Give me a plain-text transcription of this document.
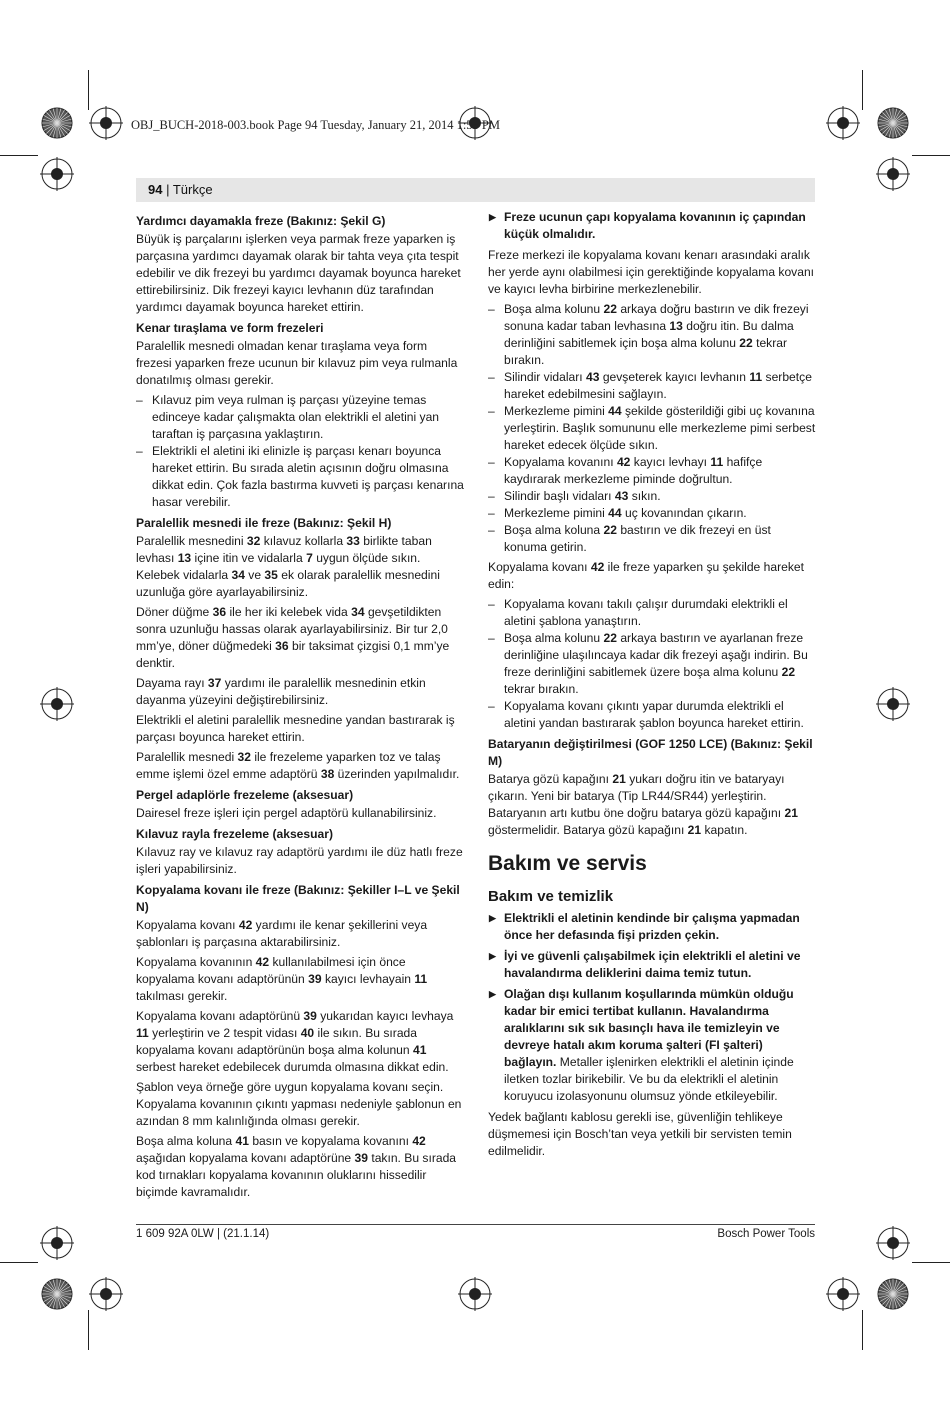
OBJ_BUCH-2018-003.book Page 94 Tuesday, January 21, 2014 1:55 PM
94 | Türkçe
Yardımcı dayamakla freze (Bakınız: Şekil G)

Büyük iş parçalarını işlerken veya parmak freze yaparken iş parçasına yardımcı dayamak olarak bir tahta veya çıta tespit edebilir ve dik frezeyi bu yardımcı dayamak boyunca hareket ettirebilirsiniz. Dik frezeyi kayıcı levhanın düz tarafından yardımcı dayamak boyunca hareket ettirin.

Kenar tıraşlama ve form frezeleri

Paralellik mesnedi olmadan kenar tıraşlama veya form frezesi yaparken freze ucunun bir kılavuz pim veya rulmanla donatılmış olması gerekir.

– Kılavuz pim veya rulman iş parçası yüzeyine temas edinceye kadar çalışmakta olan elektrikli el aletini yan taraftan iş parçasına yaklaştırın.
– Elektrikli el aletini iki elinizle iş parçası kenarı boyunca hareket ettirin. Bu sırada aletin açısının doğru olmasına dikkat edin. Çok fazla bastırma kuvveti iş parçası kenarına hasar verebilir.
Paralellik mesnedi ile freze (Bakınız: Şekil H)

Paralellik mesnedini 32 kılavuz kollarla 33 birlikte taban levhası 13 içine itin ve vidalarla 7 uygun ölçüde sıkın. Kelebek vidalarla 34 ve 35 ek olarak paralellik mesnedini uzunluğa göre ayarlayabilirsiniz.

Döner düğme 36 ile her iki kelebek vida 34 gevşetildikten sonra uzunluğu hassas olarak ayarlayabilirsiniz. Bir tur 2,0 mm’ye, döner düğmedeki 36 bir taksimat çizgisi 0,1 mm’ye denktir.

Dayama rayı 37 yardımı ile paralellik mesnedinin etkin dayanma yüzeyini değiştirebilirsiniz.

Elektrikli el aletini paralellik mesnedine yandan bastırarak iş parçası boyunca hareket ettirin.

Paralellik mesnedi 32 ile frezeleme yaparken toz ve talaş emme işlemi özel emme adaptörü 38 üzerinden yapılmalıdır.

Pergel adaplörle frezeleme (aksesuar)

Dairesel freze işleri için pergel adaptörü kullanabilirsiniz.

Kılavuz rayla frezeleme (aksesuar)

Kılavuz ray ve kılavuz ray adaptörü yardımı ile düz hatlı freze işleri yapabilirsiniz.

Kopyalama kovanı ile freze (Bakınız: Şekiller I–L ve Şekil N)

Kopyalama kovanı 42 yardımı ile kenar şekillerini veya şablonları iş parçasına aktarabilirsiniz.

Kopyalama kovanının 42 kullanılabilmesi için önce kopyalama kovanı adaptörünün 39 kayıcı levhayain 11 takılması gerekir.

Kopyalama kovanı adaptörünü 39 yukarıdan kayıcı levhaya 11 yerleştirin ve 2 tespit vidası 40 ile sıkın. Bu sırada kopyalama kovanı adaptörünün boşa alma kolunun 41 serbest hareket edebilecek durumda olmasına dikkat edin.

Şablon veya örneğe göre uygun kopyalama kovanı seçin. Kopyalama kovanının çıkıntı yapması nedeniyle şablonun en azından 8 mm kalınlığında olması gerekir.

Boşa alma koluna 41 basın ve kopyalama kovanını 42 aşağıdan kopyalama kovanı adaptörüne 39 takın. Bu sırada kod tırnakları kopyalama kovanının oluklarını hissedilir biçimde kavramalıdır.

▶ Freze ucunun çapı kopyalama kovanının iç çapından küçük olmalıdır.

Freze merkezi ile kopyalama kovanı kenarı arasındaki aralık her yerde aynı olabilmesi için gerektiğinde kopyalama kovanı ve kayıcı levha birbirine merkezlenebilir.

– Boşa alma kolunu 22 arkaya doğru bastırın ve dik frezeyi sonuna kadar taban levhasına 13 doğru itin. Bu dalma derinliğini sabitlemek için boşa alma kolunu 22 tekrar bırakın.
– Silindir vidaları 43 gevşeterek kayıcı levhanın 11 serbetçe hareket edebilmesini sağlayın.
– Merkezleme pimini 44 şekilde gösterildiği gibi uç kovanına yerleştirin. Başlık somununu elle merkezleme pimi serbest hareket edecek ölçüde sıkın.
– Kopyalama kovanını 42 kayıcı levhayı 11 hafifçe kaydırarak merkezleme piminde doğrultun.
– Silindir başlı vidaları 43 sıkın.
– Merkezleme pimini 44 uç kovanından çıkarın.
– Boşa alma koluna 22 bastırın ve dik frezeyi en üst konuma getirin.

Kopyalama kovanı 42 ile freze yaparken şu şekilde hareket edin:

– Kopyalama kovanı takılı çalışır durumdaki elektrikli el aletini şablona yanaştırın.
– Boşa alma kolunu 22 arkaya bastırın ve ayarlanan freze derinliğine ulaşılıncaya kadar dik frezeyi aşağı indirin. Bu freze derinliğini sabitlemek üzere boşa alma kolunu 22 tekrar bırakın.
– Kopyalama kovanı çıkıntı yapar durumda elektrikli el aletini yandan bastırarak şablon boyunca hareket ettirin.
Bataryanın değiştirilmesi (GOF 1250 LCE) (Bakınız: Şekil M)

Batarya gözü kapağını 21 yukarı doğru itin ve bataryayı çıkarın. Yeni bir batarya (Tip LR44/SR44) yerleştirin. Bataryanın artı kutbu öne doğru batarya gözü kapağını 21 göstermelidir. Batarya gözü kapağını 21 kapatın.

Bakım ve servis
Bakım ve temizlik
▶ Elektrikli el aletinin kendinde bir çalışma yapmadan önce her defasında fişi prizden çekin.
▶ İyi ve güvenli çalışabilmek için elektrikli el aletini ve havalandırma deliklerini daima temiz tutun.
▶ Olağan dışı kullanım koşullarında mümkün olduğu kadar bir emici tertibat kullanın. Havalandırma aralıklarını sık sık basınçlı hava ile temizleyin ve devreye hatalı akım koruma şalteri (FI şalteri) bağlayın. Metaller işlenirken elektrikli el aletinin içinde iletken tozlar birikebilir. Ve bu da elektrikli el aletinin koruyucu izolasyonunu olumsuz yönde etkileyebilir.

Yedek bağlantı kablosu gerekli ise, güvenliğin tehlikeye düşmemesi için Bosch’tan veya yetkili bir servisten temin edilmelidir.

1 609 92A 0LW | (21.1.14)	Bosch Power Tools
